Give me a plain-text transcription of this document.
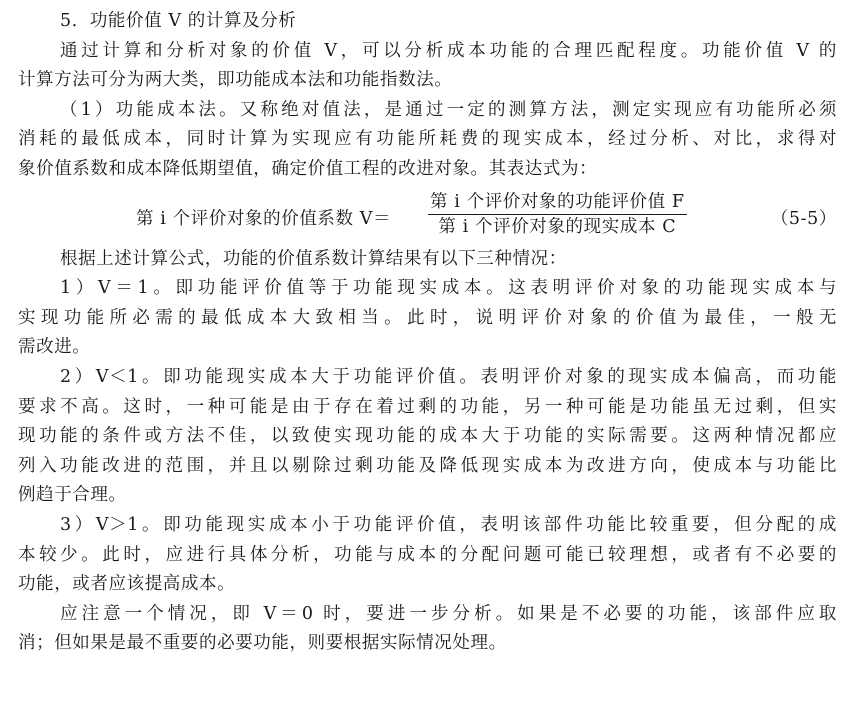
5．功能价值 V 的计算及分析
通过计算和分析对象的价值 V，可以分析成本功能的合理匹配程度。功能价值 V 的
计算方法可分为两大类，即功能成本法和功能指数法。
（1）功能成本法。又称绝对值法，是通过一定的测算方法，测定实现应有功能所必须
消耗的最低成本，同时计算为实现应有功能所耗费的现实成本，经过分析、对比，求得对
象价值系数和成本降低期望值，确定价值工程的改进对象。其表达式为：
第 i 个评价对象的价值系数 V＝
第 i 个评价对象的功能评价值 F
第 i 个评价对象的现实成本 C	（5-5）
根据上述计算公式，功能的价值系数计算结果有以下三种情况：
1）V＝1。即功能评价值等于功能现实成本。这表明评价对象的功能现实成本与
实现功能所必需的最低成本大致相当。此时，说明评价对象的价值为最佳，一般无
需改进。
2）V＜1。即功能现实成本大于功能评价值。表明评价对象的现实成本偏高，而功能
要求不高。这时，一种可能是由于存在着过剩的功能，另一种可能是功能虽无过剩，但实
现功能的条件或方法不佳，以致使实现功能的成本大于功能的实际需要。这两种情况都应
列入功能改进的范围，并且以剔除过剩功能及降低现实成本为改进方向，使成本与功能比
例趋于合理。
3）V＞1。即功能现实成本小于功能评价值，表明该部件功能比较重要，但分配的成
本较少。此时，应进行具体分析，功能与成本的分配问题可能已较理想，或者有不必要的
功能，或者应该提高成本。
应注意一个情况，即 V＝0 时，要进一步分析。如果是不必要的功能，该部件应取
消；但如果是最不重要的必要功能，则要根据实际情况处理。
